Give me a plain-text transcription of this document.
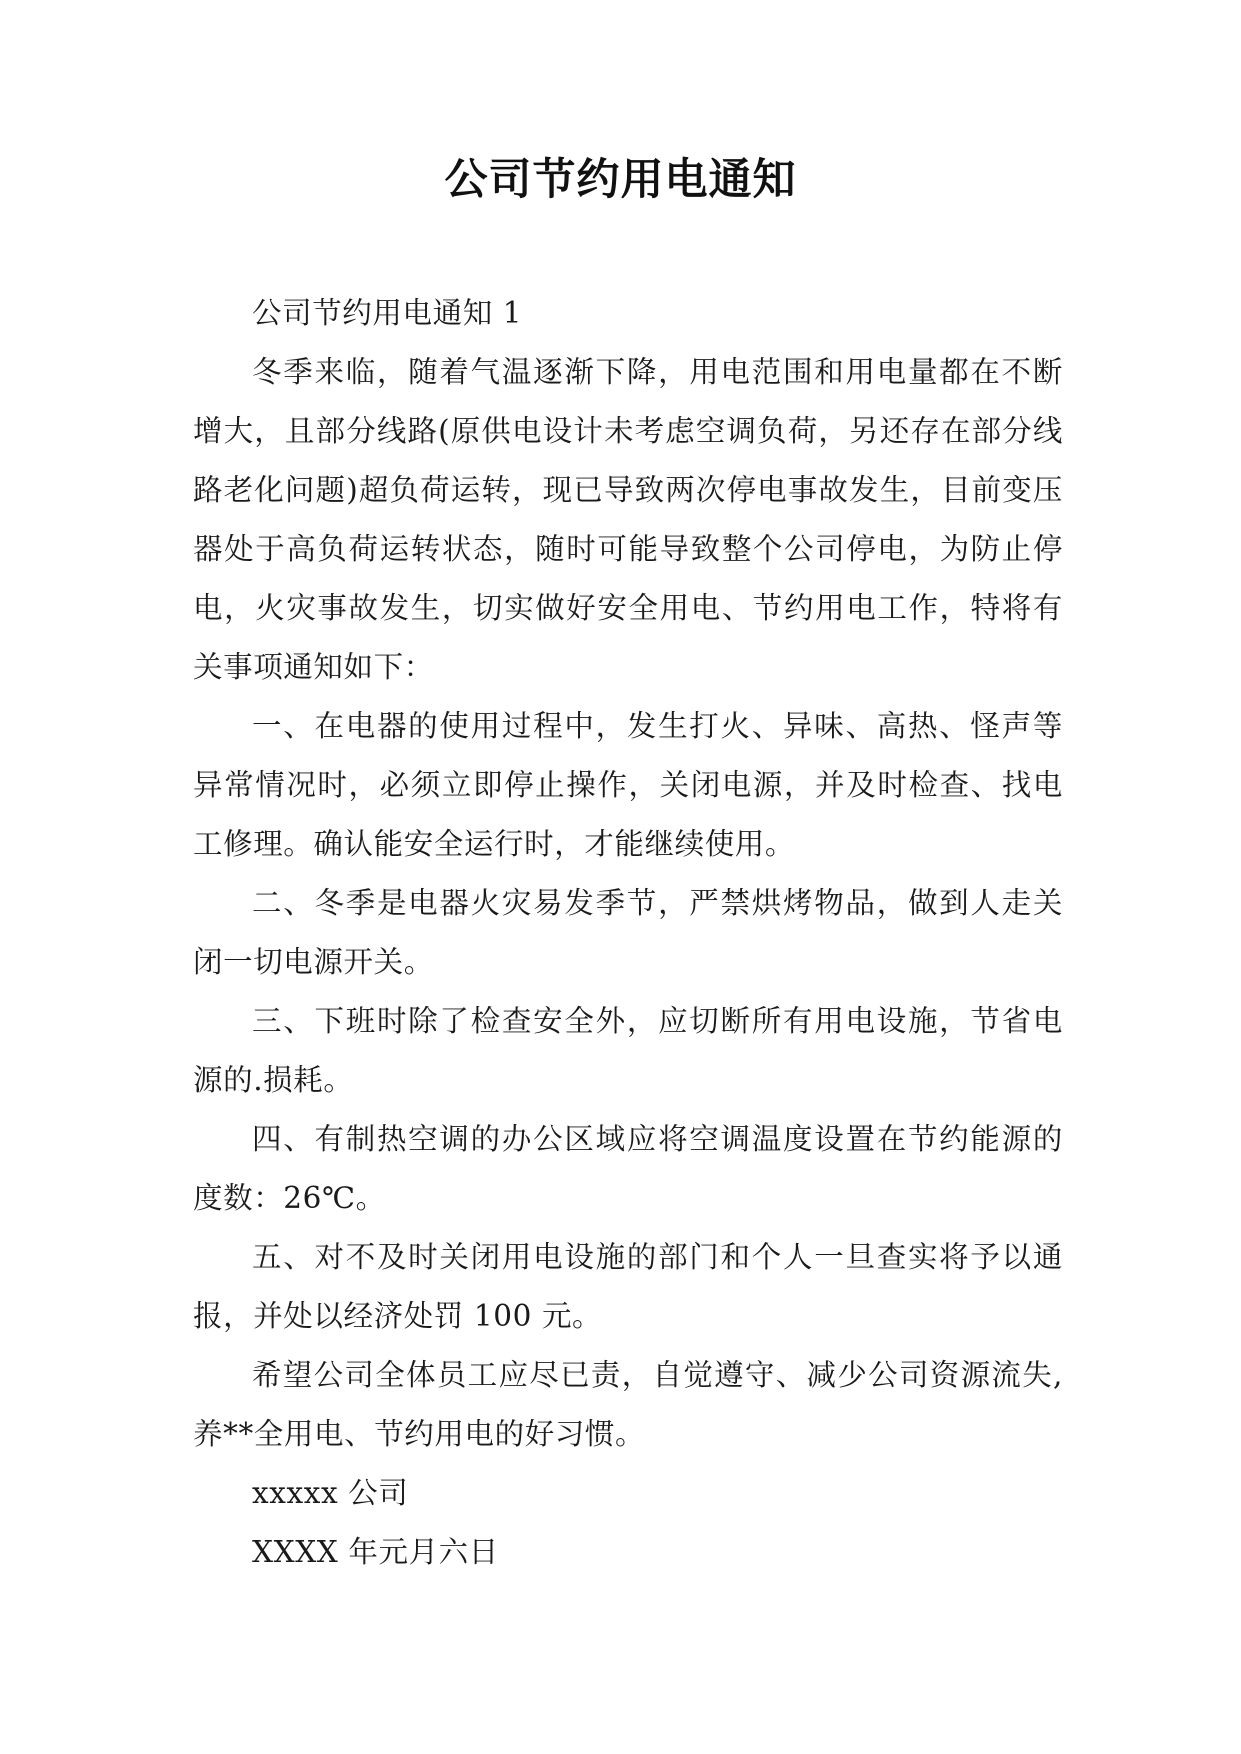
公司节约用电通知

公司节约用电通知 1

冬季来临，随着气温逐渐下降，用电范围和用电量都在不断增大，且部分线路(原供电设计未考虑空调负荷，另还存在部分线路老化问题)超负荷运转，现已导致两次停电事故发生，目前变压器处于高负荷运转状态，随时可能导致整个公司停电，为防止停电，火灾事故发生，切实做好安全用电、节约用电工作，特将有关事项通知如下：

一、在电器的使用过程中，发生打火、异味、高热、怪声等异常情况时，必须立即停止操作，关闭电源，并及时检查、找电工修理。确认能安全运行时，才能继续使用。

二、冬季是电器火灾易发季节，严禁烘烤物品，做到人走关闭一切电源开关。

三、下班时除了检查安全外，应切断所有用电设施，节省电源的.损耗。

四、有制热空调的办公区域应将空调温度设置在节约能源的度数：26℃。

五、对不及时关闭用电设施的部门和个人一旦查实将予以通报，并处以经济处罚 100 元。

希望公司全体员工应尽已责，自觉遵守、减少公司资源流失,养**全用电、节约用电的好习惯。

xxxxx 公司

XXXX 年元月六日
